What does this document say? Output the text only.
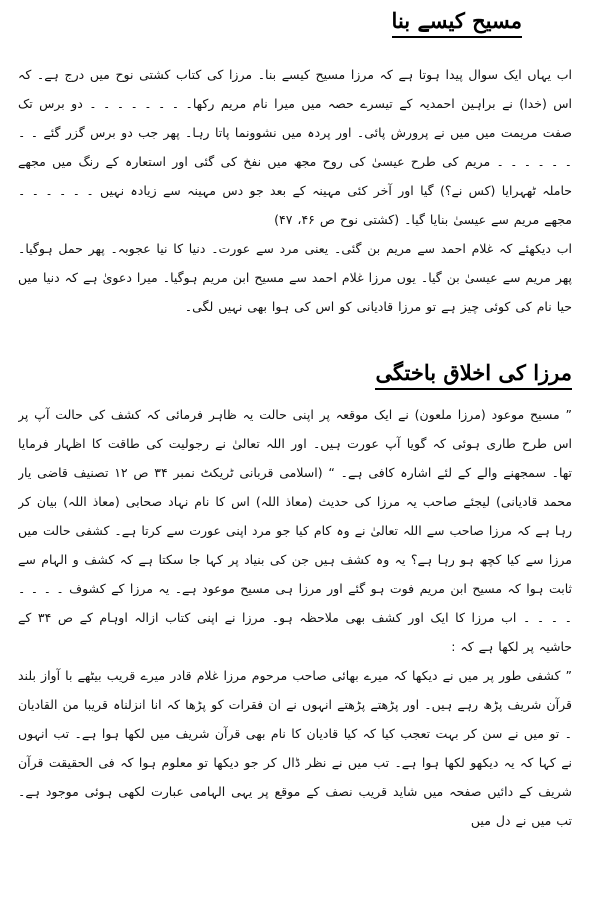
مسیح کیسے بنا

اب یہاں ایک سوال پیدا ہوتا ہے کہ مرزا مسیح کیسے بنا۔ مرزا کی کتاب کشتی نوح میں درج ہے۔ کہ اس (خدا) نے براہین احمدیہ کے تیسرے حصہ میں میرا نام مریم رکھا۔ ۔ ۔ ۔ ۔ ۔ ۔ ۔ دو برس تک صفت مریمت میں میں نے پرورش پائی۔ اور پردہ میں نشوونما پاتا رہا۔ پھر جب دو برس گزر گئے ۔ ۔ ۔ ۔ ۔ ۔ ۔ ۔ مریم کی طرح عیسیٰ کی روح مجھ میں نفخ کی گئی اور استعارہ کے رنگ میں مجھے حاملہ ٹھہرایا (کس نے؟) گیا اور آخر کئی مہینہ کے بعد جو دس مہینہ سے زیادہ نہیں ۔ ۔ ۔ ۔ ۔ ۔ مجھے مریم سے عیسیٰ بنایا گیا۔ (کشتی نوح ص ۴۶، ۴۷)

اب دیکھئے کہ غلام احمد سے مریم بن گئی۔ یعنی مرد سے عورت۔ دنیا کا نیا عجوبہ۔ پھر حمل ہوگیا۔ پھر مریم سے عیسیٰ بن گیا۔ یوں مرزا غلام احمد سے مسیح ابن مریم ہوگیا۔ میرا دعویٰ ہے کہ دنیا میں حیا نام کی کوئی چیز ہے تو مرزا قادیانی کو اس کی ہوا بھی نہیں لگی۔

مرزا کی اخلاق باختگی

” مسیح موعود (مرزا ملعون) نے ایک موقعہ پر اپنی حالت یہ ظاہر فرمائی کہ کشف کی حالت آپ پر اس طرح طاری ہوئی کہ گویا آپ عورت ہیں۔ اور اللہ تعالیٰ نے رجولیت کی طاقت کا اظہار فرمایا تھا۔ سمجھنے والے کے لئے اشارہ کافی ہے۔ “ (اسلامی قربانی ٹریکٹ نمبر ۳۴ ص ۱۲ تصنیف قاضی یار محمد قادیانی) لیجئے صاحب یہ مرزا کی حدیث (معاذ اللہ) اس کا نام نہاد صحابی (معاذ اللہ) بیان کر رہا ہے کہ مرزا صاحب سے اللہ تعالیٰ نے وہ کام کیا جو مرد اپنی عورت سے کرتا ہے۔ کشفی حالت میں مرزا سے کیا کچھ ہو رہا ہے؟ یہ وہ کشف ہیں جن کی بنیاد پر کہا جا سکتا ہے کہ کشف و الہام سے ثابت ہوا کہ مسیح ابن مریم فوت ہو گئے اور مرزا ہی مسیح موعود ہے۔ یہ مرزا کے کشوف ۔ ۔ ۔ ۔ ۔ ۔ ۔ ۔ اب مرزا کا ایک اور کشف بھی ملاحظہ ہو۔ مرزا نے اپنی کتاب ازالہ اوہام کے ص ۳۴ کے حاشیہ پر لکھا ہے کہ :

” کشفی طور پر میں نے دیکھا کہ میرے بھائی صاحب مرحوم مرزا غلام قادر میرے قریب بیٹھے با آواز بلند قرآن شریف پڑھ رہے ہیں۔ اور پڑھتے پڑھتے انہوں نے ان فقرات کو پڑھا کہ انا انزلناہ قریبا من القادیان ۔ تو میں نے سن کر بہت تعجب کیا کہ کیا قادیان کا نام بھی قرآن شریف میں لکھا ہوا ہے۔ تب انہوں نے کہا کہ یہ دیکھو لکھا ہوا ہے۔ تب میں نے نظر ڈال کر جو دیکھا تو معلوم ہوا کہ فی الحقیقت قرآن شریف کے دائیں صفحہ میں شاید قریب نصف کے موقع پر یہی الہامی عبارت لکھی ہوئی موجود ہے۔ تب میں نے دل میں
